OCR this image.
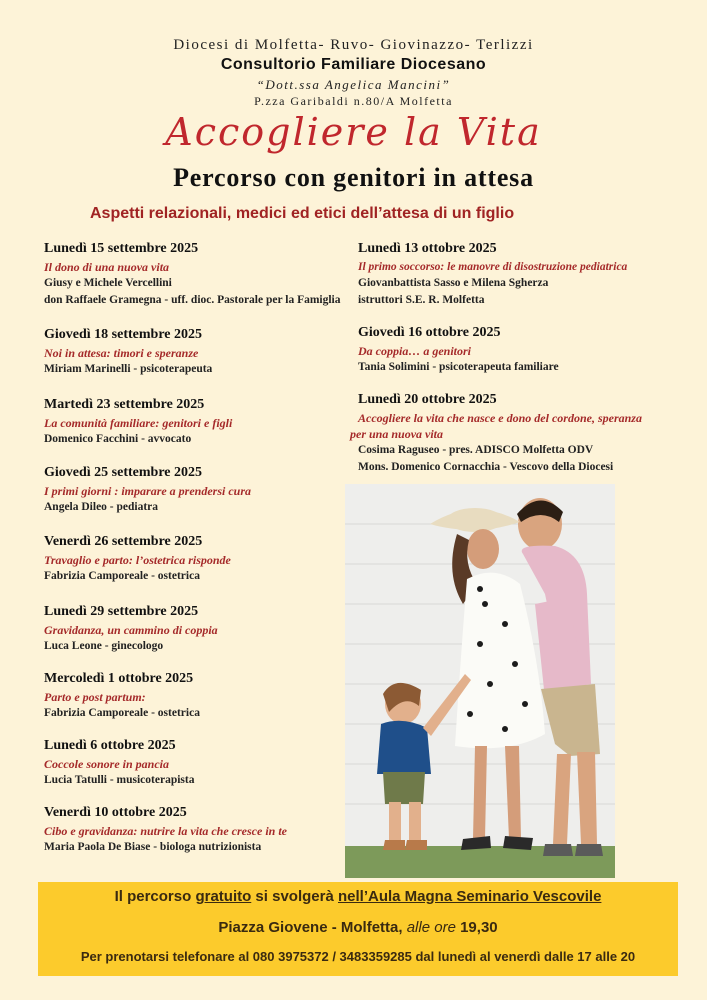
Diocesi di Molfetta- Ruvo- Giovinazzo- Terlizzi
Consultorio Familiare Diocesano
“Dott.ssa Angelica Mancini”
P.zza Garibaldi n.80/A Molfetta
Accogliere la Vita
Percorso con genitori in attesa
Aspetti relazionali, medici ed etici dell’attesa di un figlio
Lunedì 15 settembre 2025
Il dono di una nuova vita
Giusy e Michele Vercellini
don Raffaele Gramegna - uff. dioc. Pastorale per la Famiglia
Giovedì 18 settembre 2025
Noi in attesa: timori e speranze
Miriam Marinelli - psicoterapeuta
Martedì 23 settembre 2025
La comunità familiare: genitori e figli
Domenico Facchini - avvocato
Giovedì 25 settembre 2025
I primi giorni : imparare a prendersi cura
Angela Dileo - pediatra
Venerdì 26 settembre 2025
Travaglio e parto: l’ostetrica risponde
Fabrizia Camporeale - ostetrica
Lunedì 29 settembre 2025
Gravidanza, un cammino di coppia
Luca Leone - ginecologo
Mercoledì 1 ottobre 2025
Parto e post partum:
Fabrizia Camporeale - ostetrica
Lunedì 6 ottobre 2025
Coccole sonore in pancia
Lucia Tatulli - musicoterapista
Venerdì 10 ottobre 2025
Cibo e gravidanza: nutrire la vita che cresce in te
Maria Paola De Biase - biologa nutrizionista
Lunedì 13 ottobre 2025
Il primo soccorso: le manovre di disostruzione pediatrica
Giovanbattista Sasso e Milena Sgherza
istruttori S.E. R. Molfetta
Giovedì 16 ottobre 2025
Da coppia… a genitori
Tania Solimini - psicoterapeuta familiare
Lunedì 20 ottobre 2025
Accogliere la vita che nasce e dono del cordone, speranza
per una nuova vita
Cosima Raguseo - pres. ADISCO Molfetta ODV
Mons. Domenico Cornacchia - Vescovo della Diocesi
Il percorso gratuito si svolgerà nell’Aula Magna Seminario Vescovile
Piazza Giovene - Molfetta, alle ore 19,30
Per prenotarsi telefonare al 080 3975372 / 3483359285 dal lunedì al venerdì dalle 17 alle 20
